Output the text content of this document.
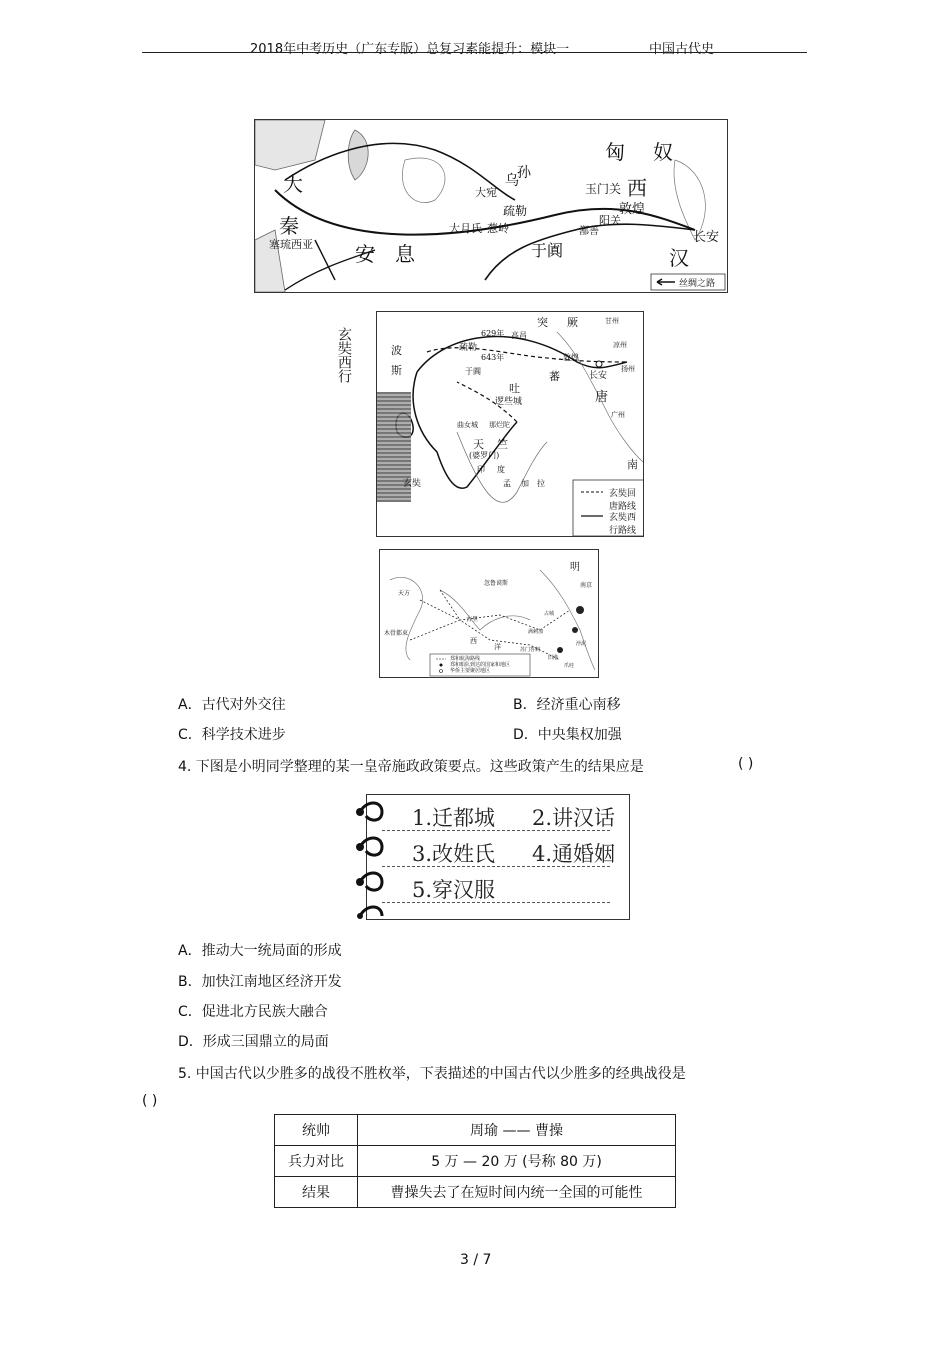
2018年中考历史（广东专版）总复习素能提升：模块一	中国古代史
匈 奴
乌
孙
大宛
疏勒
葱岭
大月氏
玉门关 西
敦煌
阳关
鄯善
于阗
长安
汉
大
秦
塞琉西亚 安 息
丝绸之路
玄奘西行
突 厥
629年
643年
高昌
疏勒
敦煌
于阗	长安
唐
吐
蕃
逻些城
曲女城 那烂陀
天 竺
(婆罗门)
印 度
孟 加 拉
波
斯
南
甘州
凉州
扬州
广州
玄奘
玄奘回唐路线
玄奘西行路线
天方
古里
木骨都束
忽鲁谟斯
西
洋	苏门答剌
满剌加
占城
旧港
爪哇
浡泥
南京
明
郑和航海路线
郑和船队到达的国家和地区
华侨主要聚居地区
A．古代对外交往	B．经济重心南移
C．科学技术进步	D．中央集权加强
4. 下图是小明同学整理的某一皇帝施政政策要点。这些政策产生的结果应是	( )
1.迁都城 2.讲汉话
3.改姓氏 4.通婚姻
5.穿汉服
A．推动大一统局面的形成
B．加快江南地区经济开发
C．促进北方民族大融合
D．形成三国鼎立的局面
5. 中国古代以少胜多的战役不胜枚举，下表描述的中国古代以少胜多的经典战役是
( )
统帅	周瑜 —— 曹操
兵力对比	5 万 — 20 万 (号称 80 万)
结果	曹操失去了在短时间内统一全国的可能性
3 / 7
